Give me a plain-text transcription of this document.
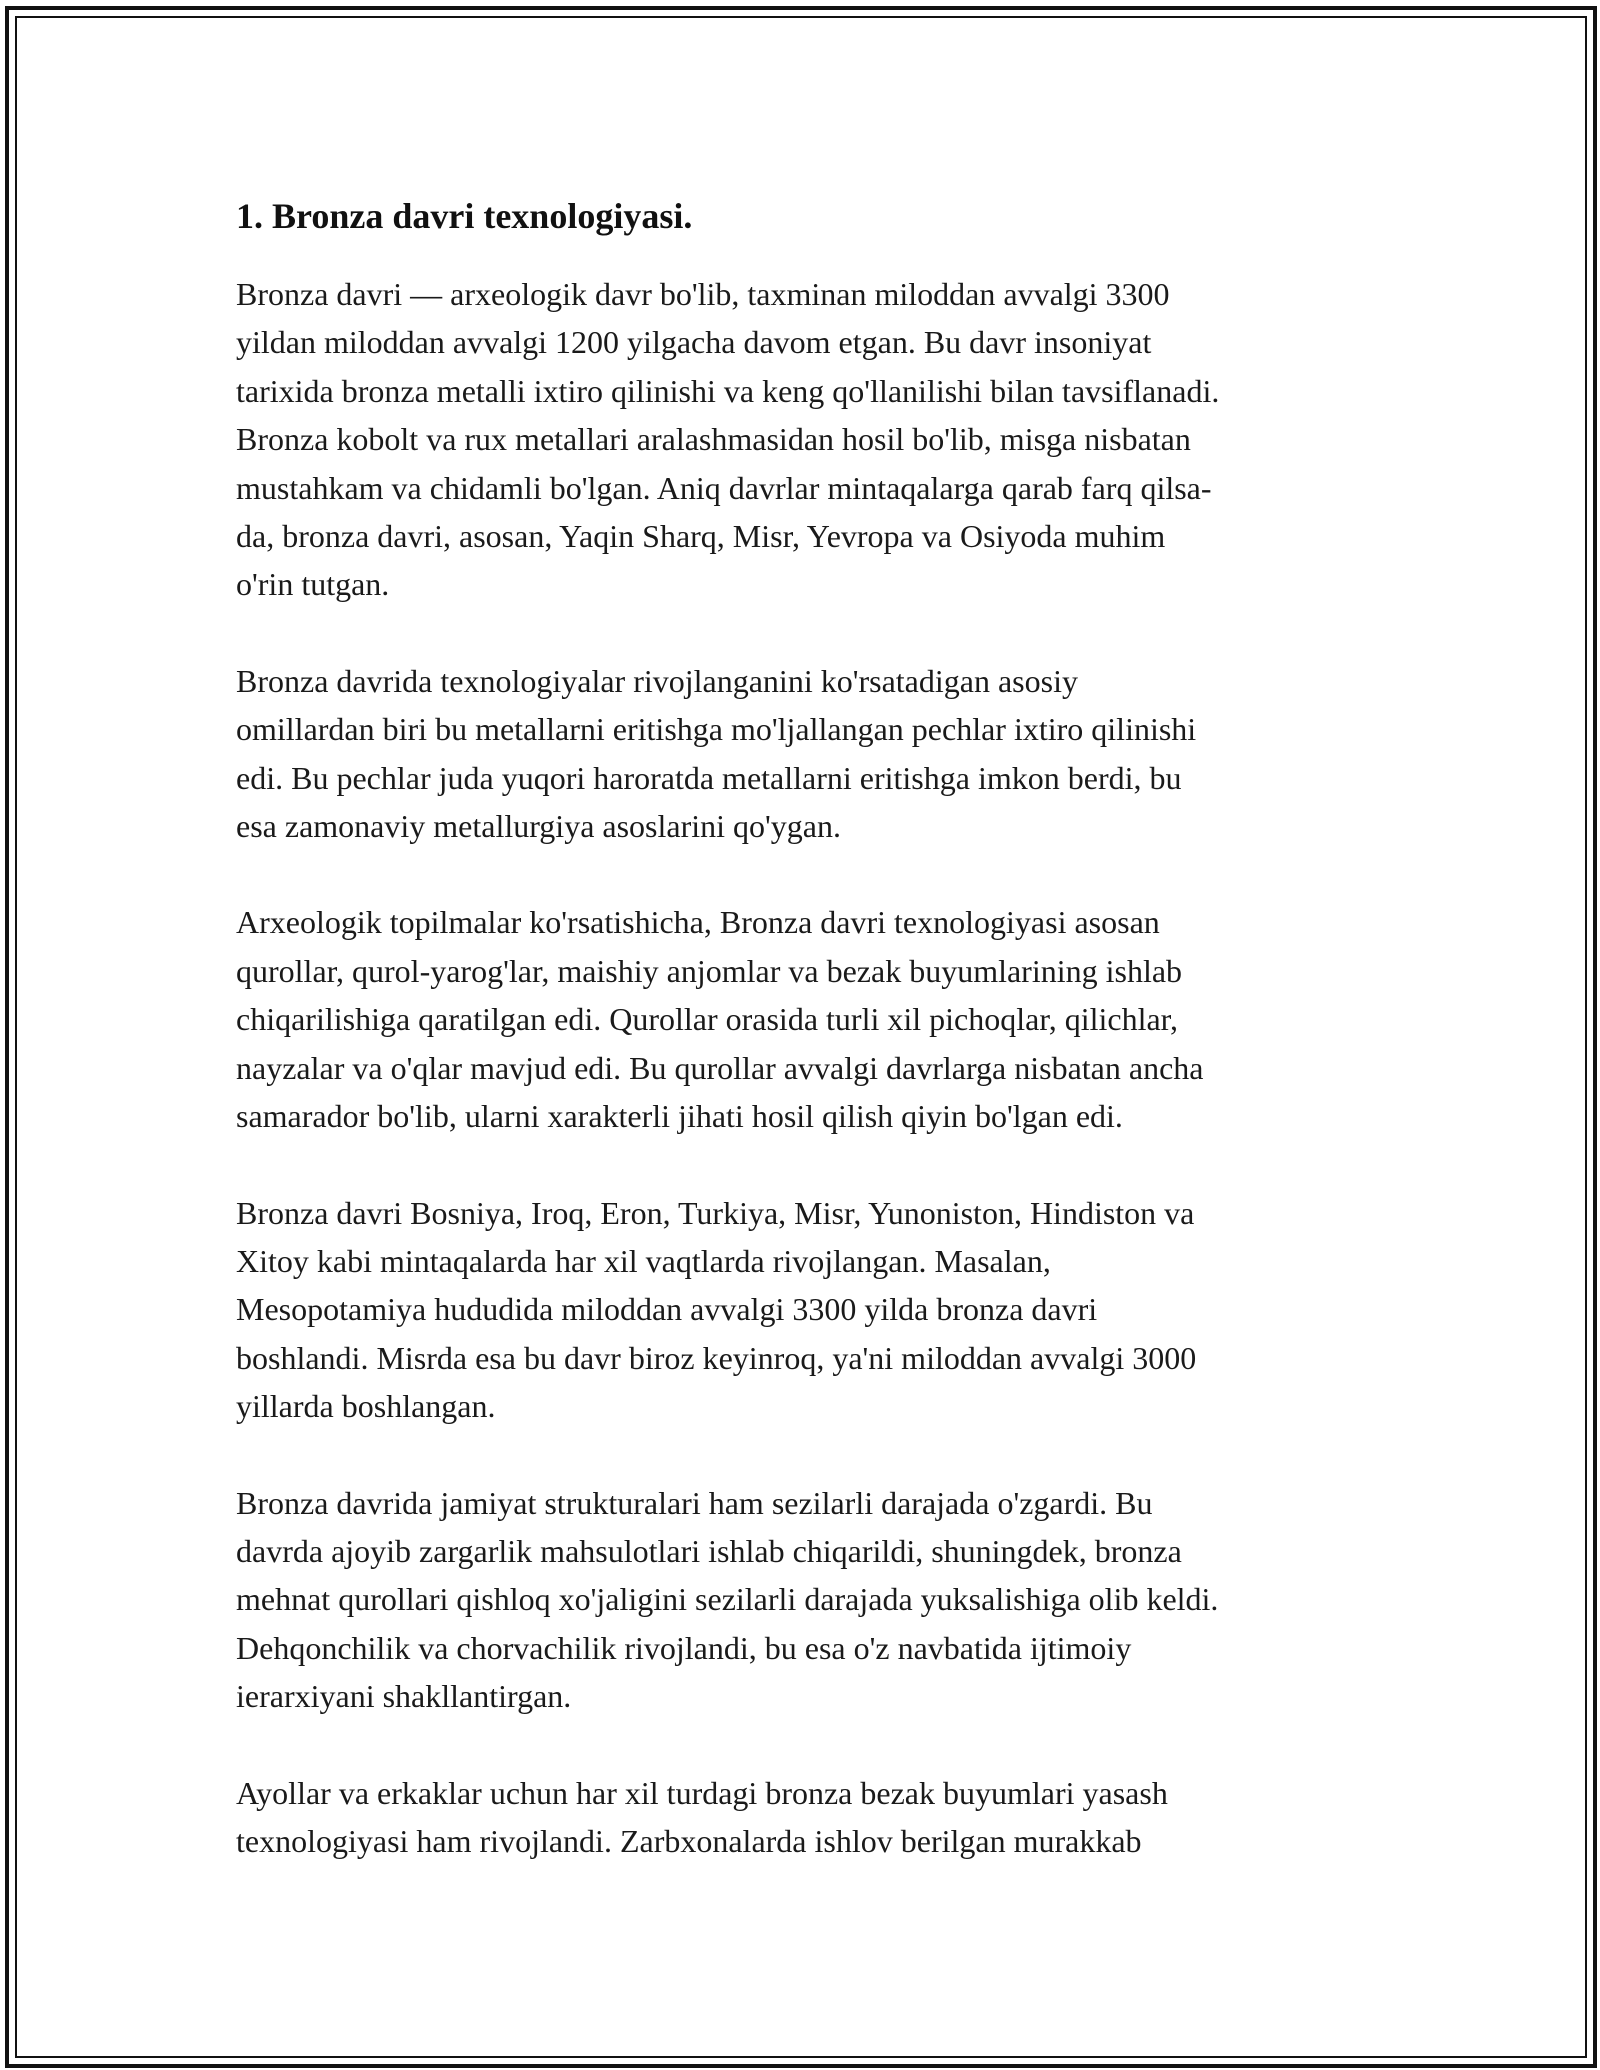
1. Bronza davri texnologiyasi.
Bronza davri — arxeologik davr bo'lib, taxminan miloddan avvalgi 3300
yildan miloddan avvalgi 1200 yilgacha davom etgan. Bu davr insoniyat
tarixida bronza metalli ixtiro qilinishi va keng qo'llanilishi bilan tavsiflanadi.
Bronza kobolt va rux metallari aralashmasidan hosil bo'lib, misga nisbatan
mustahkam va chidamli bo'lgan. Aniq davrlar mintaqalarga qarab farq qilsa-
da, bronza davri, asosan, Yaqin Sharq, Misr, Yevropa va Osiyoda muhim
o'rin tutgan.
Bronza davrida texnologiyalar rivojlanganini ko'rsatadigan asosiy
omillardan biri bu metallarni eritishga mo'ljallangan pechlar ixtiro qilinishi
edi. Bu pechlar juda yuqori haroratda metallarni eritishga imkon berdi, bu
esa zamonaviy metallurgiya asoslarini qo'ygan.
Arxeologik topilmalar ko'rsatishicha, Bronza davri texnologiyasi asosan
qurollar, qurol-yarog'lar, maishiy anjomlar va bezak buyumlarining ishlab
chiqarilishiga qaratilgan edi. Qurollar orasida turli xil pichoqlar, qilichlar,
nayzalar va o'qlar mavjud edi. Bu qurollar avvalgi davrlarga nisbatan ancha
samarador bo'lib, ularni xarakterli jihati hosil qilish qiyin bo'lgan edi.
Bronza davri Bosniya, Iroq, Eron, Turkiya, Misr, Yunoniston, Hindiston va
Xitoy kabi mintaqalarda har xil vaqtlarda rivojlangan. Masalan,
Mesopotamiya hududida miloddan avvalgi 3300 yilda bronza davri
boshlandi. Misrda esa bu davr biroz keyinroq, ya'ni miloddan avvalgi 3000
yillarda boshlangan.
Bronza davrida jamiyat strukturalari ham sezilarli darajada o'zgardi. Bu
davrda ajoyib zargarlik mahsulotlari ishlab chiqarildi, shuningdek, bronza
mehnat qurollari qishloq xo'jaligini sezilarli darajada yuksalishiga olib keldi.
Dehqonchilik va chorvachilik rivojlandi, bu esa o'z navbatida ijtimoiy
ierarxiyani shakllantirgan.
Ayollar va erkaklar uchun har xil turdagi bronza bezak buyumlari yasash
texnologiyasi ham rivojlandi. Zarbxonalarda ishlov berilgan murakkab
